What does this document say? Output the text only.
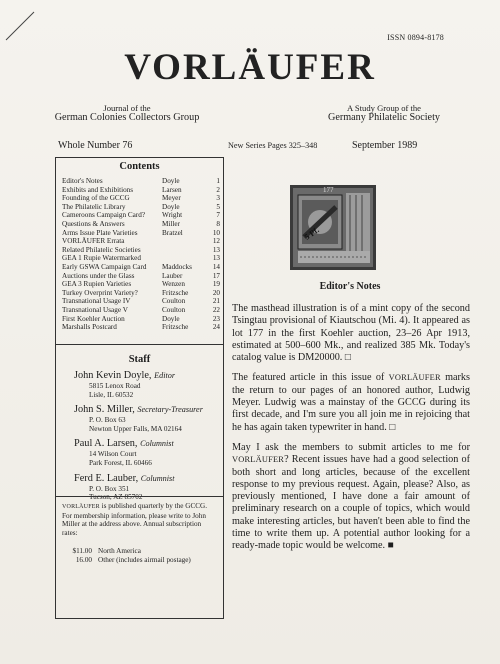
ISSN 0894-8178
VORLÄUFER
Journal of the
German Colonies Collectors Group
A Study Group of the
Germany Philatelic Society
Whole Number 76	New Series Pages 325–348	September 1989
Contents
Editor's Notes	Doyle	1
Exhibits and Exhibitions	Larsen	2
Founding of the GCCG	Meyer	3
The Philatelic Library	Doyle	5
Cameroons Campaign Card?	Wright	7
Questions & Answers	Miller	8
Arms Issue Plate Varieties	Bratzel	10
VORLÄUFER Errata	12
Related Philatelic Societies	13
GEA 1 Rupie Watermarked	13
Early GSWA Campaign Card	Maddocks	14
Auctions under the Glass	Lauber	17
GEA 3 Rupien Varieties	Wenzen	19
Turkey Overprint Variety?	Fritzsche	20
Transnational Usage IV	Coulton	21
Transnational Usage V	Coulton	22
First Koehler Auction	Doyle	23
Marshalls Postcard	Fritzsche	24
Staff
John Kevin Doyle, Editor
5815 Lenox Road
Lisle, IL 60532
John S. Miller, Secretary-Treasurer
P. O. Box 63
Newton Upper Falls, MA 02164
Paul A. Larsen, Columnist
14 Wilson Court
Park Forest, IL 60466
Ferd E. Lauber, Columnist
P. O. Box 351
Tucson, AZ 85702
VORLÄUFER is published quarterly by the GCCG. For membership information, please write to John Miller at the address above. Annual subscription rates:
$11.00 North America
16.00 Other (includes airmail postage)
177
5 Pf.
Editor's Notes

The masthead illustration is of a mint copy of the second Tsingtau provisional of Kiautschou (Mi. 4). It appeared as lot 177 in the first Koehler auction, 23–26 Apr 1913, estimated at 500–600 Mk., and realized 385 Mk. Today's catalog value is DM20000. □

The featured article in this issue of VORLÄUFER marks the return to our pages of an honored author, Ludwig Meyer. Ludwig was a mainstay of the GCCG during its first decade, and I'm sure you all join me in rejoicing that he has again taken typewriter in hand. □

May I ask the members to submit articles to me for VORLÄUFER? Recent issues have had a good selection of both short and long articles, because of the excellent response to my previous request. Again, please? Also, as previously mentioned, I have done a fair amount of preliminary research on a couple of topics, which would make interesting articles, but haven't been able to find the time to write them up. A potential author looking for a ready-made topic would be welcome. ■
